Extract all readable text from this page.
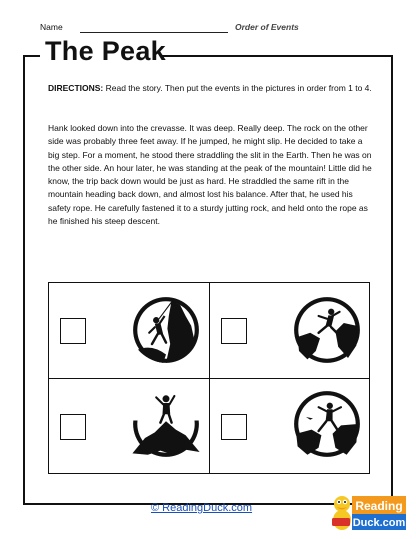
Name	Order of Events
The Peak

DIRECTIONS: Read the story. Then put the events in the pictures in order from 1 to 4.

Hank looked down into the crevasse. It was deep. Really deep. The rock on the other side was probably three feet away. If he jumped, he might slip. He decided to take a big step. For a moment, he stood there straddling the slit in the Earth. Then he was on the other side. An hour later, he was standing at the peak of the mountain! Little did he know, the trip back down would be just as hard. He straddled the same rift in the mountain heading back down, and almost lost his balance. After that, he used his safety rope. He carefully fastened it to a sturdy jutting rock, and held onto the rope as he finished his steep descent.

© ReadingDuck.com	Reading
Duck.com
